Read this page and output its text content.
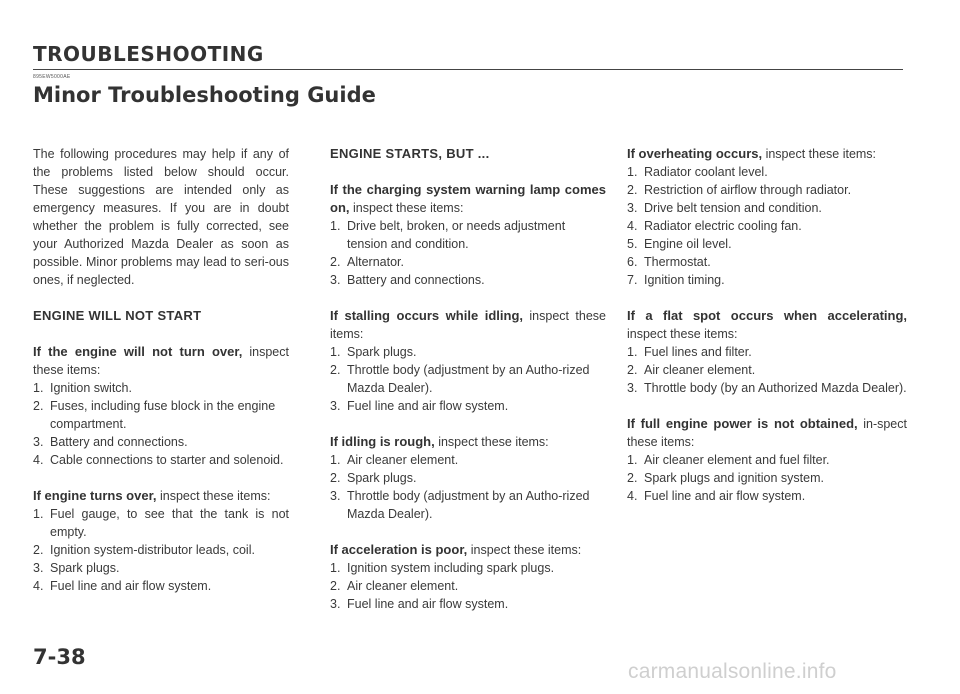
TROUBLESHOOTING
895EW5000AE
Minor Troubleshooting Guide

The following procedures may help if any of the problems listed below should occur. These suggestions are intended only as emergency measures. If you are in doubt whether the problem is fully corrected, see your Authorized Mazda Dealer as soon as possible. Minor problems may lead to seri-ous ones, if neglected.

ENGINE WILL NOT START

If the engine will not turn over, inspect these items:

1. Ignition switch.
2. Fuses, including fuse block in the engine compartment.
3. Battery and connections.
4. Cable connections to starter and solenoid.

If engine turns over, inspect these items:

1. Fuel gauge, to see that the tank is not empty.
2. Ignition system-distributor leads, coil.
3. Spark plugs.
4. Fuel line and air flow system.

ENGINE STARTS, BUT ...

If the charging system warning lamp comes on, inspect these items:

1. Drive belt, broken, or needs adjustment tension and condition.
2. Alternator.
3. Battery and connections.

If stalling occurs while idling, inspect these items:

1. Spark plugs.
2. Throttle body (adjustment by an Autho-rized Mazda Dealer).
3. Fuel line and air flow system.

If idling is rough, inspect these items:

1. Air cleaner element.
2. Spark plugs.
3. Throttle body (adjustment by an Autho-rized Mazda Dealer).

If acceleration is poor, inspect these items:

1. Ignition system including spark plugs.
2. Air cleaner element.
3. Fuel line and air flow system.

If overheating occurs, inspect these items:

1. Radiator coolant level.
2. Restriction of airflow through radiator.
3. Drive belt tension and condition.
4. Radiator electric cooling fan.
5. Engine oil level.
6. Thermostat.
7. Ignition timing.

If a flat spot occurs when accelerating, inspect these items:

1. Fuel lines and filter.
2. Air cleaner element.
3. Throttle body (by an Authorized Mazda Dealer).

If full engine power is not obtained, in-spect these items:

1. Air cleaner element and fuel filter.
2. Spark plugs and ignition system.
4. Fuel line and air flow system.
7-38
carmanualsonline.info
